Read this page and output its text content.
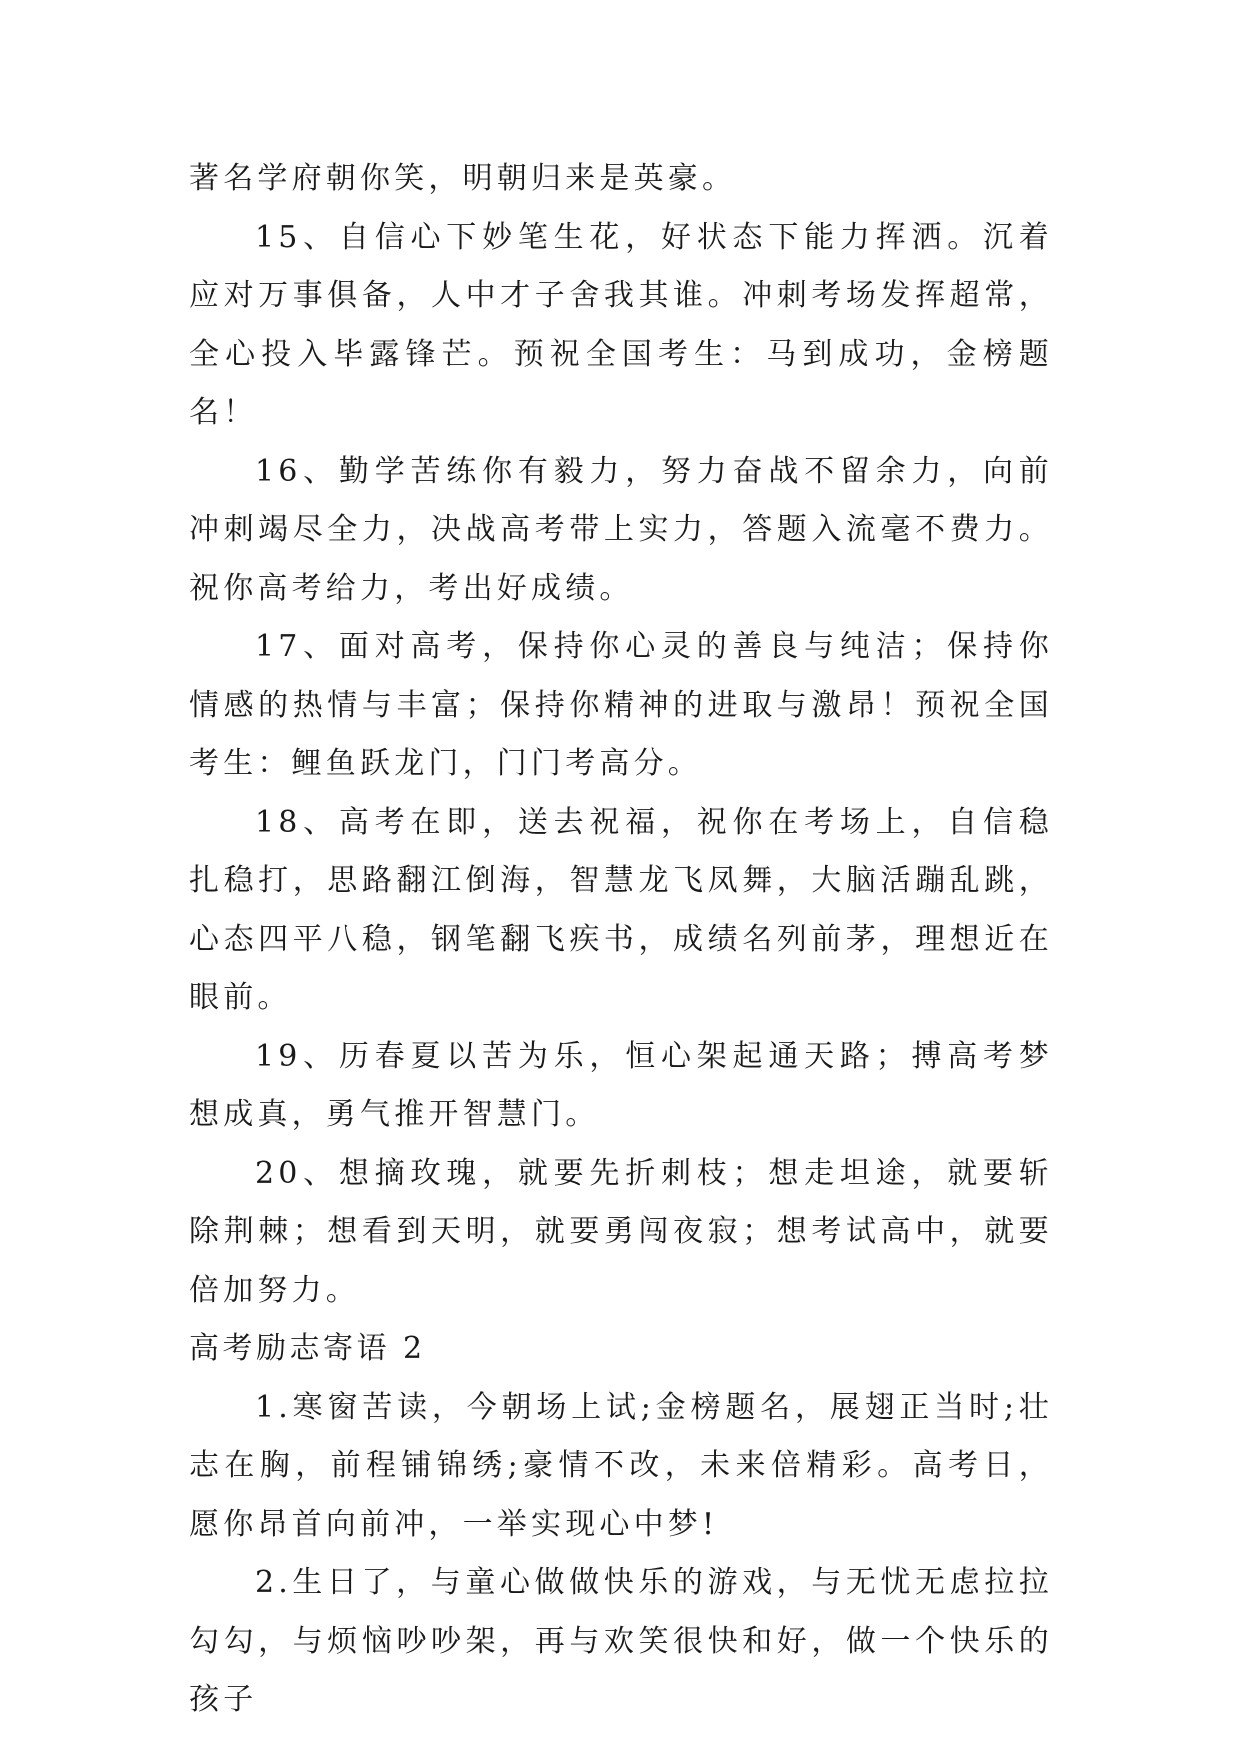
著名学府朝你笑，明朝归来是英豪。

15、自信心下妙笔生花，好状态下能力挥洒。沉着应对万事俱备，人中才子舍我其谁。冲刺考场发挥超常，全心投入毕露锋芒。预祝全国考生：马到成功，金榜题名！

16、勤学苦练你有毅力，努力奋战不留余力，向前冲刺竭尽全力，决战高考带上实力，答题入流毫不费力。祝你高考给力，考出好成绩。

17、面对高考，保持你心灵的善良与纯洁；保持你情感的热情与丰富；保持你精神的进取与激昂！预祝全国考生：鲤鱼跃龙门，门门考高分。

18、高考在即，送去祝福，祝你在考场上，自信稳扎稳打，思路翻江倒海，智慧龙飞凤舞，大脑活蹦乱跳，心态四平八稳，钢笔翻飞疾书，成绩名列前茅，理想近在眼前。

19、历春夏以苦为乐，恒心架起通天路；搏高考梦想成真，勇气推开智慧门。

20、想摘玫瑰，就要先折刺枝；想走坦途，就要斩除荆棘；想看到天明，就要勇闯夜寂；想考试高中，就要倍加努力。

高考励志寄语 2

1.寒窗苦读，今朝场上试;金榜题名，展翅正当时;壮志在胸，前程铺锦绣;豪情不改，未来倍精彩。高考日，愿你昂首向前冲，一举实现心中梦!

2.生日了，与童心做做快乐的游戏，与无忧无虑拉拉勾勾，与烦恼吵吵架，再与欢笑很快和好，做一个快乐的孩子
